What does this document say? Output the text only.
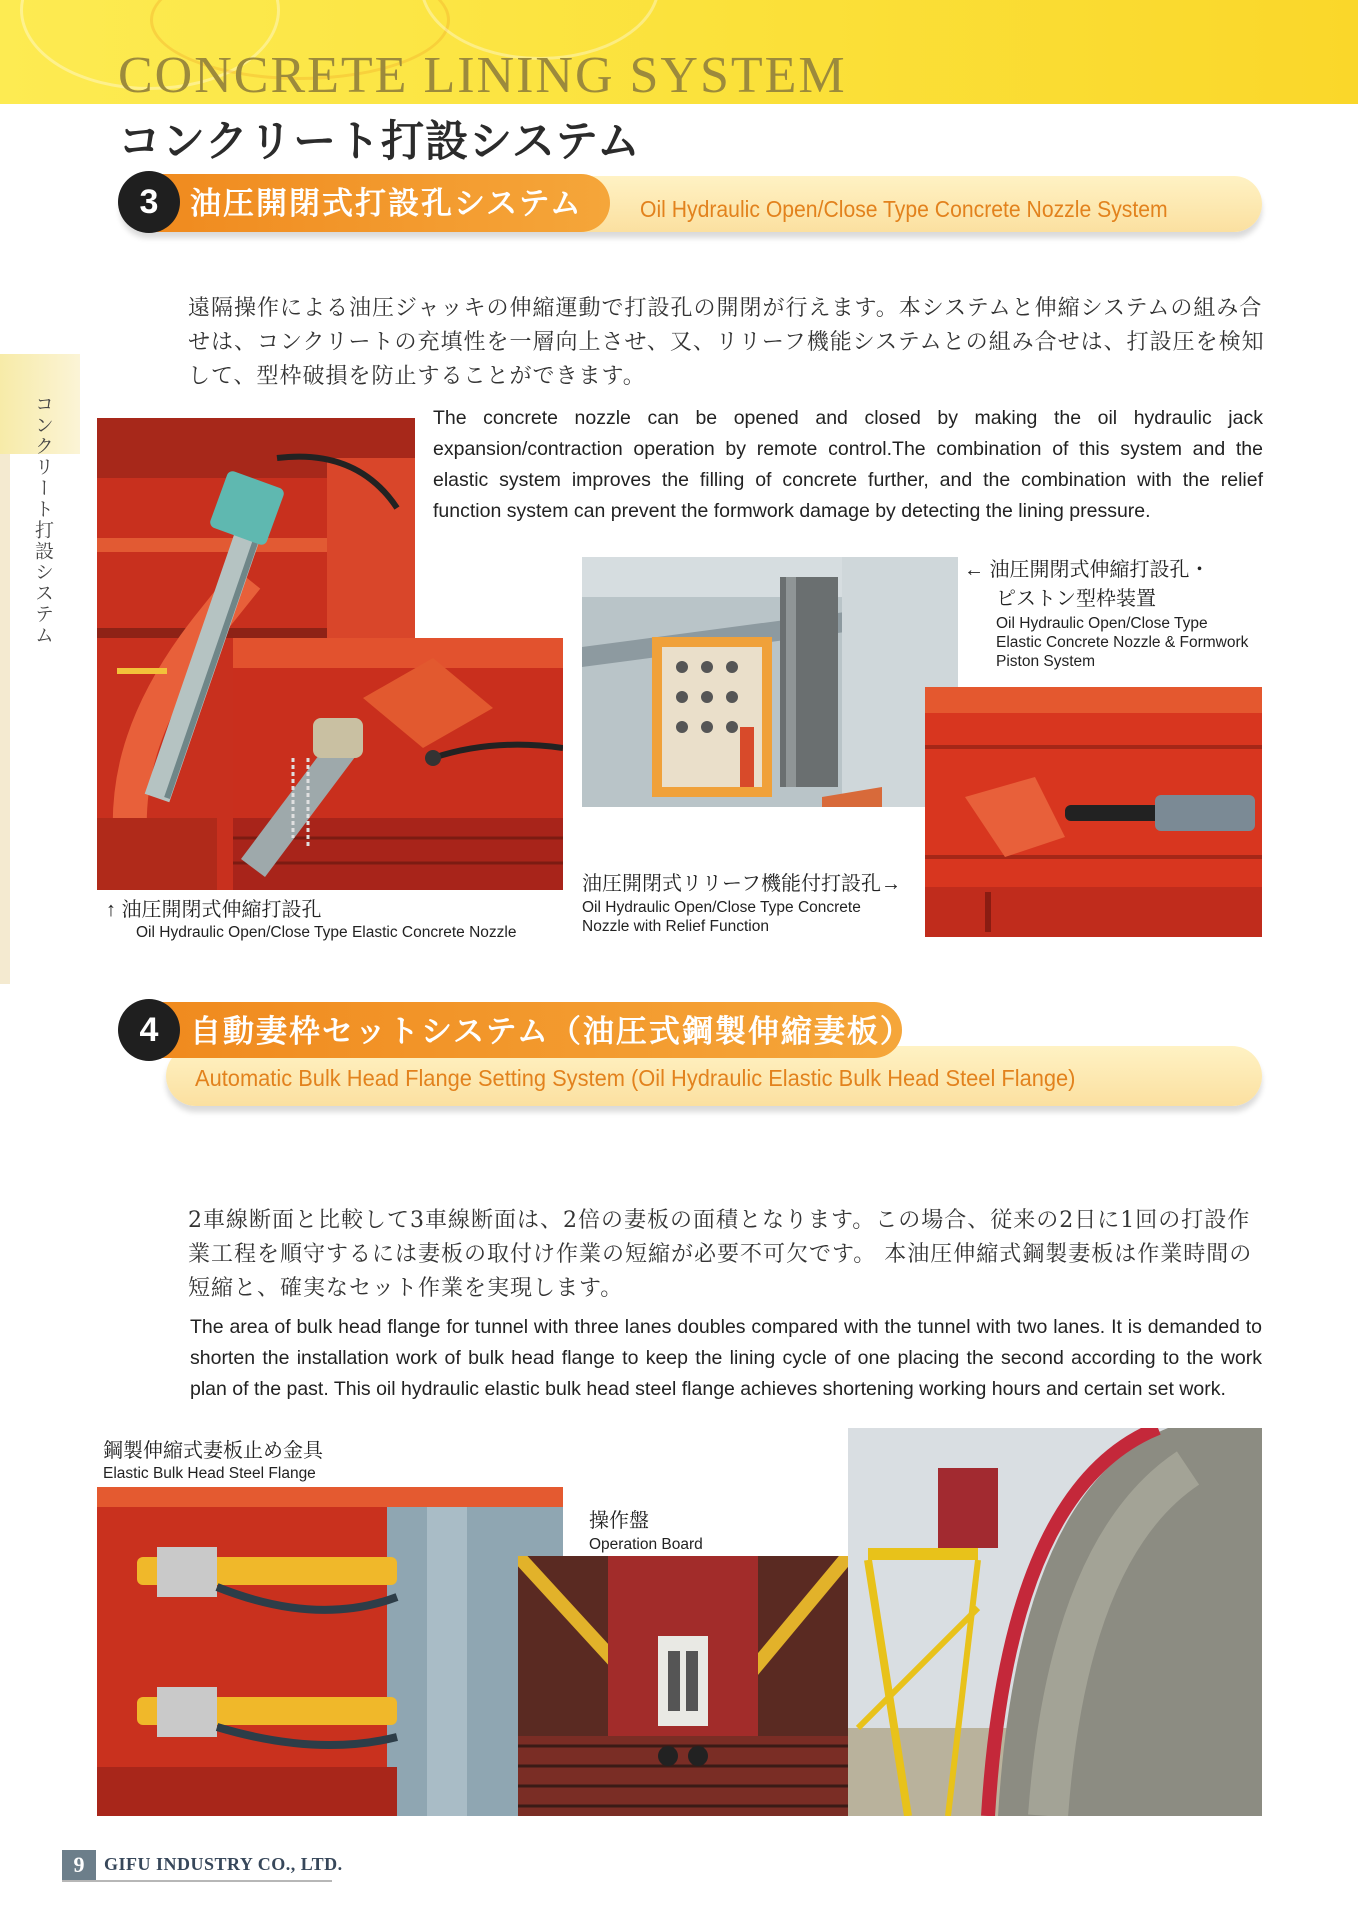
CONCRETE LINING SYSTEM
コンクリート打設システム
コンクリート打設システム
3	油圧開閉式打設孔システム Oil Hydraulic Open/Close Type Concrete Nozzle System
遠隔操作による油圧ジャッキの伸縮運動で打設孔の開閉が行えます。本システムと伸縮システムの組み合せは、コンクリートの充填性を一層向上させ、又、リリーフ機能システムとの組み合せは、打設圧を検知して、型枠破損を防止することができます。
The concrete nozzle can be opened and closed by making the oil hydraulic jack expansion/contraction operation by remote control.The combination of this system and the elastic system improves the filling of concrete further, and the combination with the relief function system can prevent the formwork damage by detecting the lining pressure.
↑ 油圧開閉式伸縮打設孔
Oil Hydraulic Open/Close Type Elastic Concrete Nozzle
油圧開閉式リリーフ機能付打設孔→
Oil Hydraulic Open/Close Type Concrete
Nozzle with Relief Function
← 油圧開閉式伸縮打設孔・
ピストン型枠装置
Oil Hydraulic Open/Close Type
Elastic Concrete Nozzle & Formwork
Piston System
4	自動妻枠セットシステム（油圧式鋼製伸縮妻板）
Automatic Bulk Head Flange Setting System (Oil Hydraulic Elastic Bulk Head Steel Flange)
2車線断面と比較して3車線断面は、2倍の妻板の面積となります。この場合、従来の2日に1回の打設作業工程を順守するには妻板の取付け作業の短縮が必要不可欠です。 本油圧伸縮式鋼製妻板は作業時間の短縮と、確実なセット作業を実現します。
The area of bulk head flange for tunnel with three lanes doubles compared with the tunnel with two lanes. It is demanded to shorten the installation work of bulk head flange to keep the lining cycle of one placing the second according to the work plan of the past. This oil hydraulic elastic bulk head steel flange achieves shortening working hours and certain set work.
鋼製伸縮式妻板止め金具
Elastic Bulk Head Steel Flange
操作盤
Operation Board
9	GIFU INDUSTRY CO., LTD.
